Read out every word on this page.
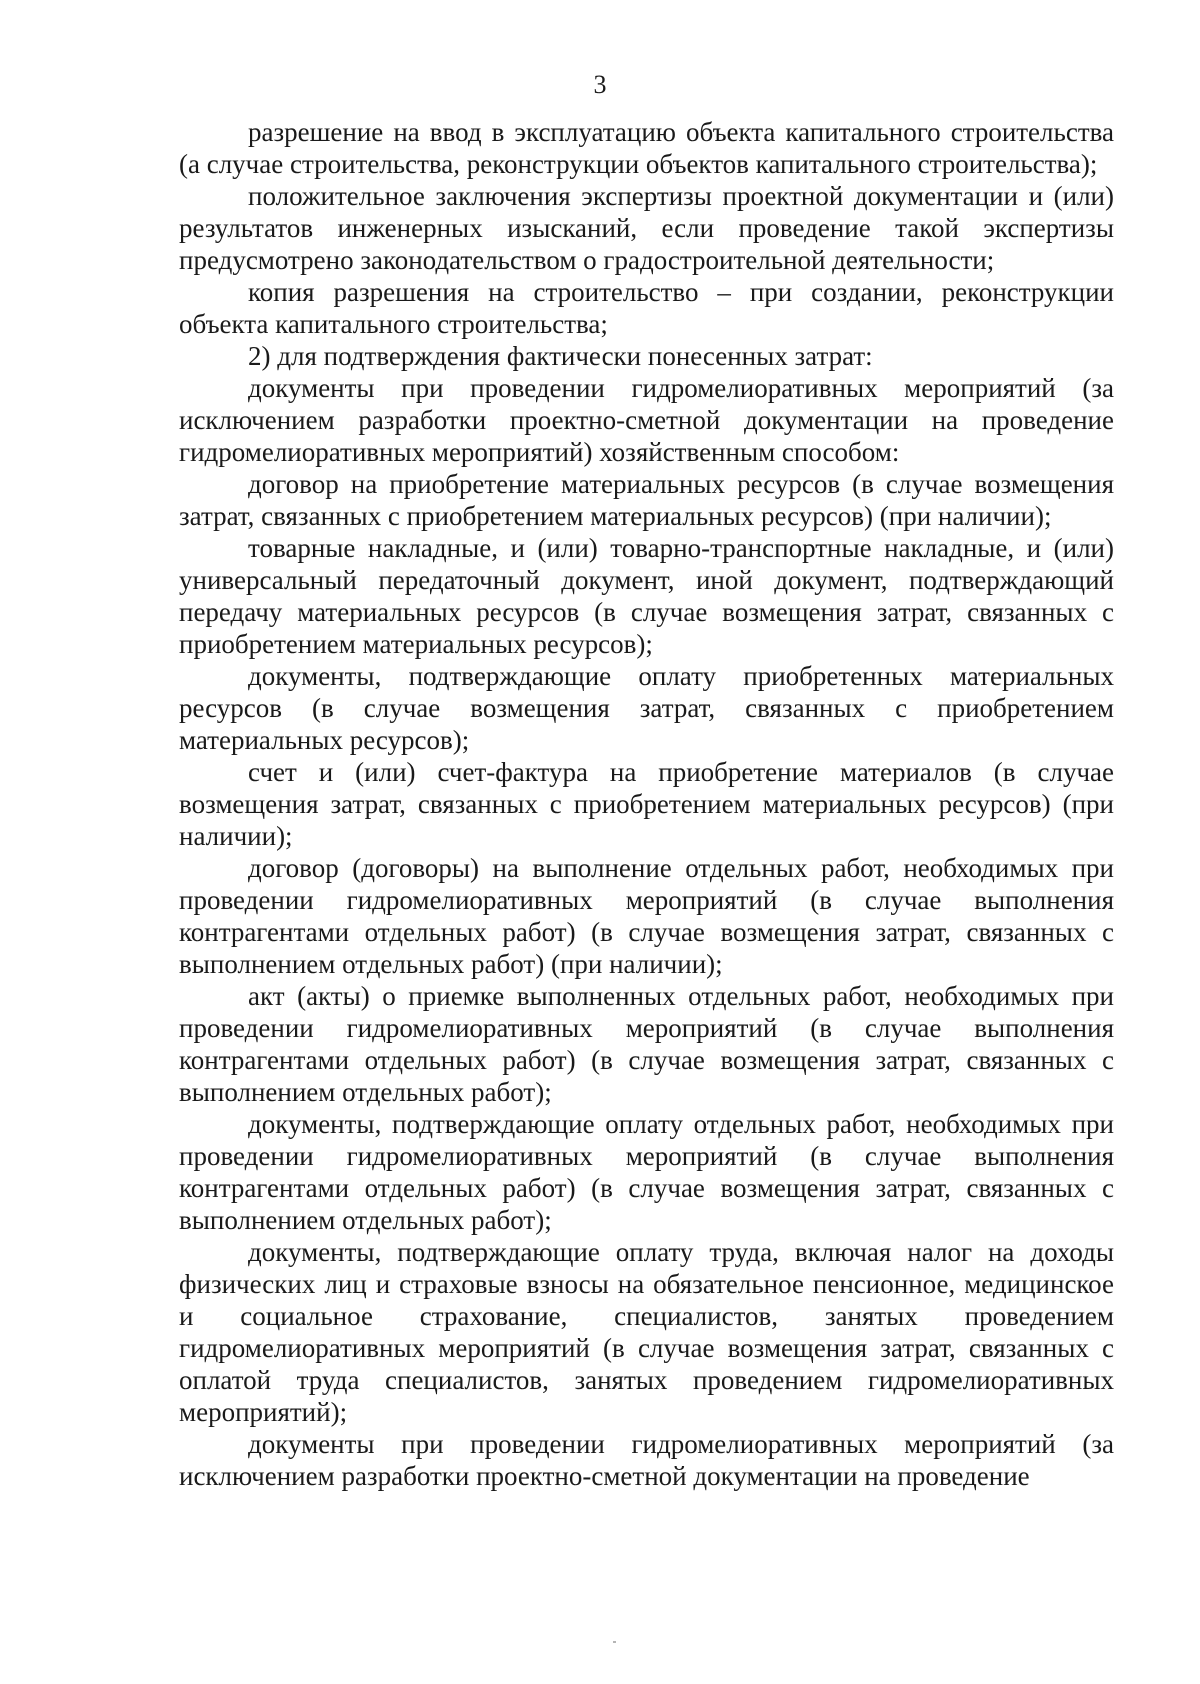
3

разрешение на ввод в эксплуатацию объекта капитального строительства (а случае строительства, реконструкции объектов капитального строительства);

положительное заключения экспертизы проектной документации и (или) результатов инженерных изысканий, если проведение такой экспертизы предусмотрено законодательством о градостроительной деятельности;

копия разрешения на строительство – при создании, реконструкции объекта капитального строительства;

2) для подтверждения фактически понесенных затрат:

документы при проведении гидромелиоративных мероприятий (за исключением разработки проектно-сметной документации на проведение гидромелиоративных мероприятий) хозяйственным способом:

договор на приобретение материальных ресурсов (в случае возмещения затрат, связанных с приобретением материальных ресурсов) (при наличии);

товарные накладные, и (или) товарно-транспортные накладные, и (или) универсальный передаточный документ, иной документ, подтверждающий передачу материальных ресурсов (в случае возмещения затрат, связанных с приобретением материальных ресурсов);

документы, подтверждающие оплату приобретенных материальных ресурсов (в случае возмещения затрат, связанных с приобретением материальных ресурсов);

счет и (или) счет-фактура на приобретение материалов (в случае возмещения затрат, связанных с приобретением материальных ресурсов) (при наличии);

договор (договоры) на выполнение отдельных работ, необходимых при проведении гидромелиоративных мероприятий (в случае выполнения контрагентами отдельных работ) (в случае возмещения затрат, связанных с выполнением отдельных работ) (при наличии);

акт (акты) о приемке выполненных отдельных работ, необходимых при проведении гидромелиоративных мероприятий (в случае выполнения контрагентами отдельных работ) (в случае возмещения затрат, связанных с выполнением отдельных работ);

документы, подтверждающие оплату отдельных работ, необходимых при проведении гидромелиоративных мероприятий (в случае выполнения контрагентами отдельных работ) (в случае возмещения затрат, связанных с выполнением отдельных работ);

документы, подтверждающие оплату труда, включая налог на доходы физических лиц и страховые взносы на обязательное пенсионное, медицинское и социальное страхование, специалистов, занятых проведением гидромелиоративных мероприятий (в случае возмещения затрат, связанных с оплатой труда специалистов, занятых проведением гидромелиоративных мероприятий);

документы при проведении гидромелиоративных мероприятий (за исключением разработки проектно-сметной документации на проведение
